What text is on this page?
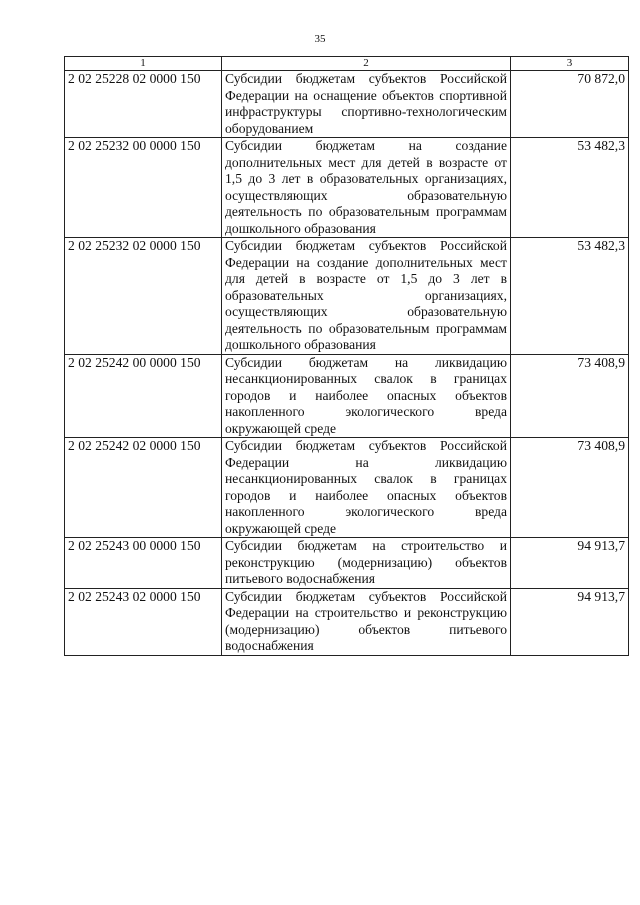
35
1	2	3
2 02 25228 02 0000 150	Субсидии бюджетам субъектов Российской Федерации на оснащение объектов спортивной инфраструктуры спортивно-технологическим оборудованием	70 872,0
2 02 25232 00 0000 150	Субсидии бюджетам на создание дополнительных мест для детей в возрасте от 1,5 до 3 лет в образовательных организациях, осуществляющих образовательную деятельность по образовательным программам дошкольного образования	53 482,3
2 02 25232 02 0000 150	Субсидии бюджетам субъектов Российской Федерации на создание дополнительных мест для детей в возрасте от 1,5 до 3 лет в образовательных организациях, осуществляющих образовательную деятельность по образовательным программам дошкольного образования	53 482,3
2 02 25242 00 0000 150	Субсидии бюджетам на ликвидацию несанкционированных свалок в границах городов и наиболее опасных объектов накопленного экологического вреда окружающей среде	73 408,9
2 02 25242 02 0000 150	Субсидии бюджетам субъектов Российской Федерации на ликвидацию несанкционированных свалок в границах городов и наиболее опасных объектов накопленного экологического вреда окружающей среде	73 408,9
2 02 25243 00 0000 150	Субсидии бюджетам на строительство и реконструкцию (модернизацию) объектов питьевого водоснабжения	94 913,7
2 02 25243 02 0000 150	Субсидии бюджетам субъектов Российской Федерации на строительство и реконструкцию (модернизацию) объектов питьевого водоснабжения	94 913,7
